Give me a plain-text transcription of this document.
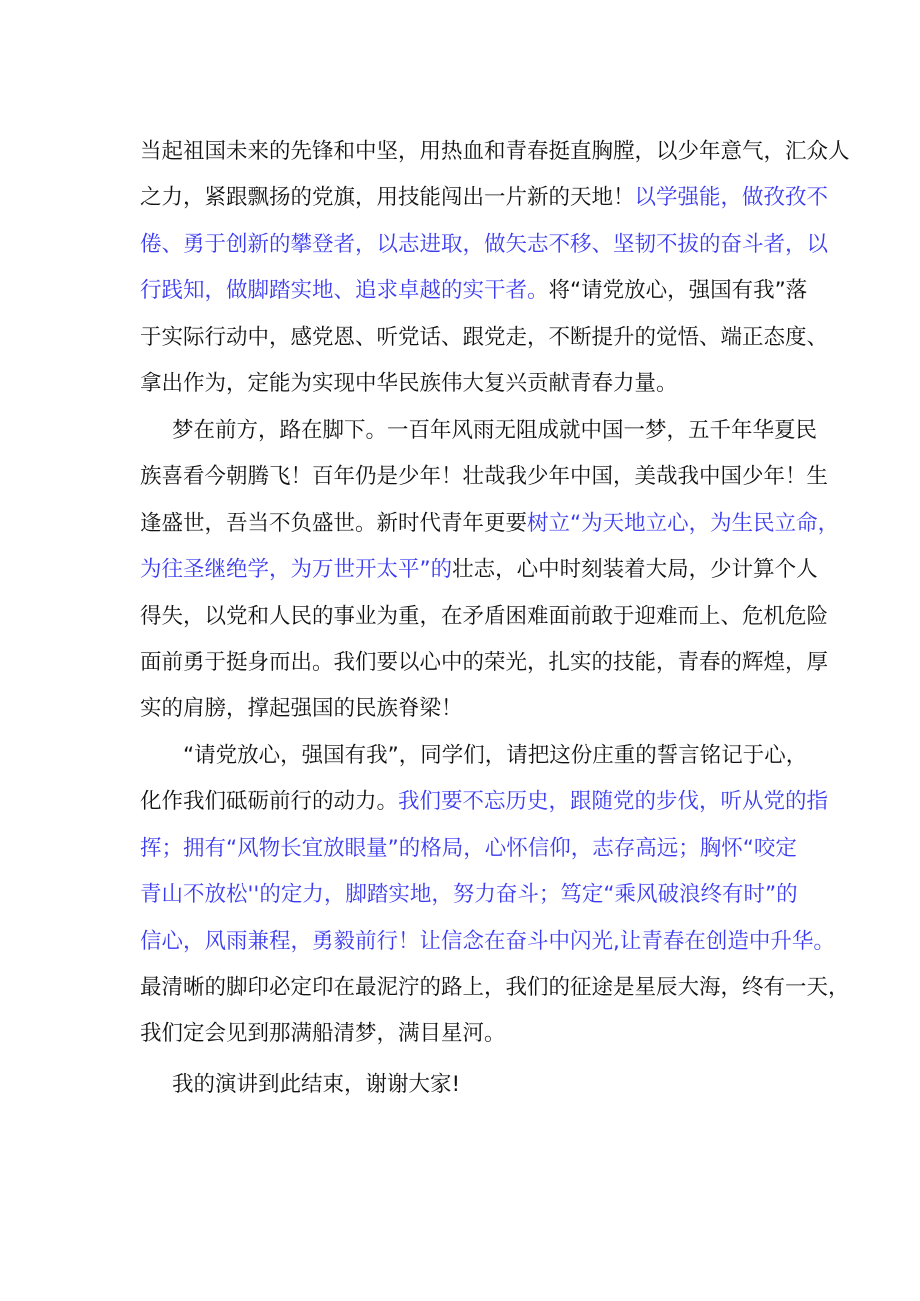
当起祖国未来的先锋和中坚，用热血和青春挺直胸膛，以少年意气，汇众人
之力，紧跟飘扬的党旗，用技能闯出一片新的天地！以学强能，做孜孜不
倦、勇于创新的攀登者，以志进取，做矢志不移、坚韧不拔的奋斗者，以
行践知，做脚踏实地、追求卓越的实干者。将“请党放心，强国有我”落
于实际行动中，感党恩、听党话、跟党走，不断提升的觉悟、端正态度、
拿出作为，定能为实现中华民族伟大复兴贡献青春力量。
梦在前方，路在脚下。一百年风雨无阻成就中国一梦，五千年华夏民
族喜看今朝腾飞！百年仍是少年！壮哉我少年中国，美哉我中国少年！生
逢盛世，吾当不负盛世。新时代青年更要树立“为天地立心，为生民立命，
为往圣继绝学，为万世开太平”的壮志，心中时刻装着大局，少计算个人
得失，以党和人民的事业为重，在矛盾困难面前敢于迎难而上、危机危险
面前勇于挺身而出。我们要以心中的荣光，扎实的技能，青春的辉煌，厚
实的肩膀，撑起强国的民族脊梁！
“请党放心，强国有我”，同学们，请把这份庄重的誓言铭记于心，
化作我们砥砺前行的动力。我们要不忘历史，跟随党的步伐，听从党的指
挥；拥有“风物长宜放眼量”的格局，心怀信仰，志存高远；胸怀“咬定
青山不放松''的定力，脚踏实地，努力奋斗；笃定“乘风破浪终有时”的
信心，风雨兼程，勇毅前行！让信念在奋斗中闪光,让青春在创造中升华。
最清晰的脚印必定印在最泥泞的路上，我们的征途是星辰大海，终有一天，
我们定会见到那满船清梦，满目星河。
我的演讲到此结束，谢谢大家!
